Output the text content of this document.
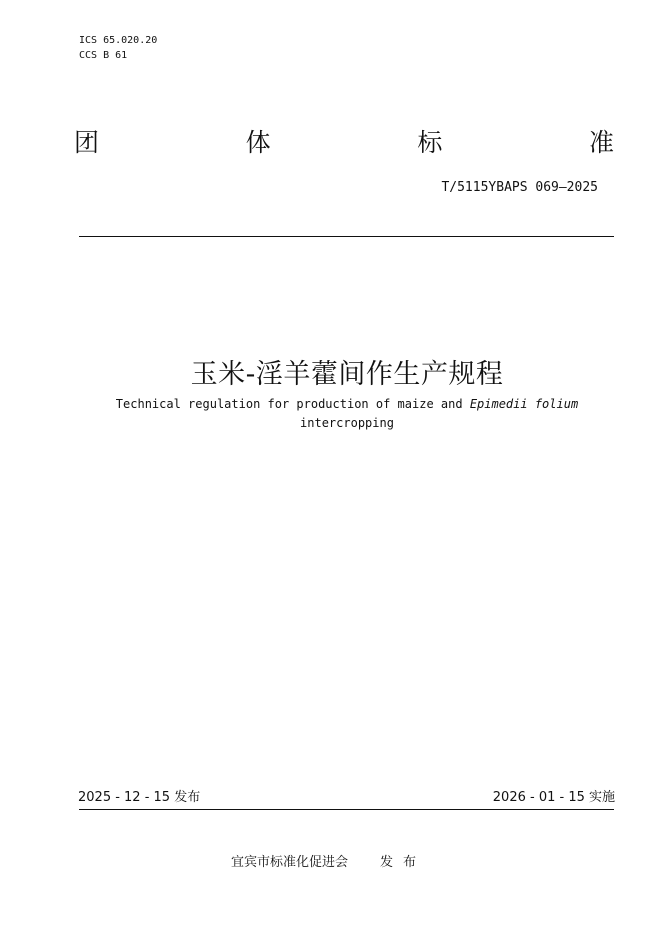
ICS 65.020.20
CCS B 61
团	体	标	准
T/5115YBAPS 069—2025
玉米-淫羊藿间作生产规程
Technical regulation for production of maize and Epimedii folium
intercropping
2025 - 12 - 15 发布	2026 - 01 - 15 实施
宜宾市标准化促进会 发布
